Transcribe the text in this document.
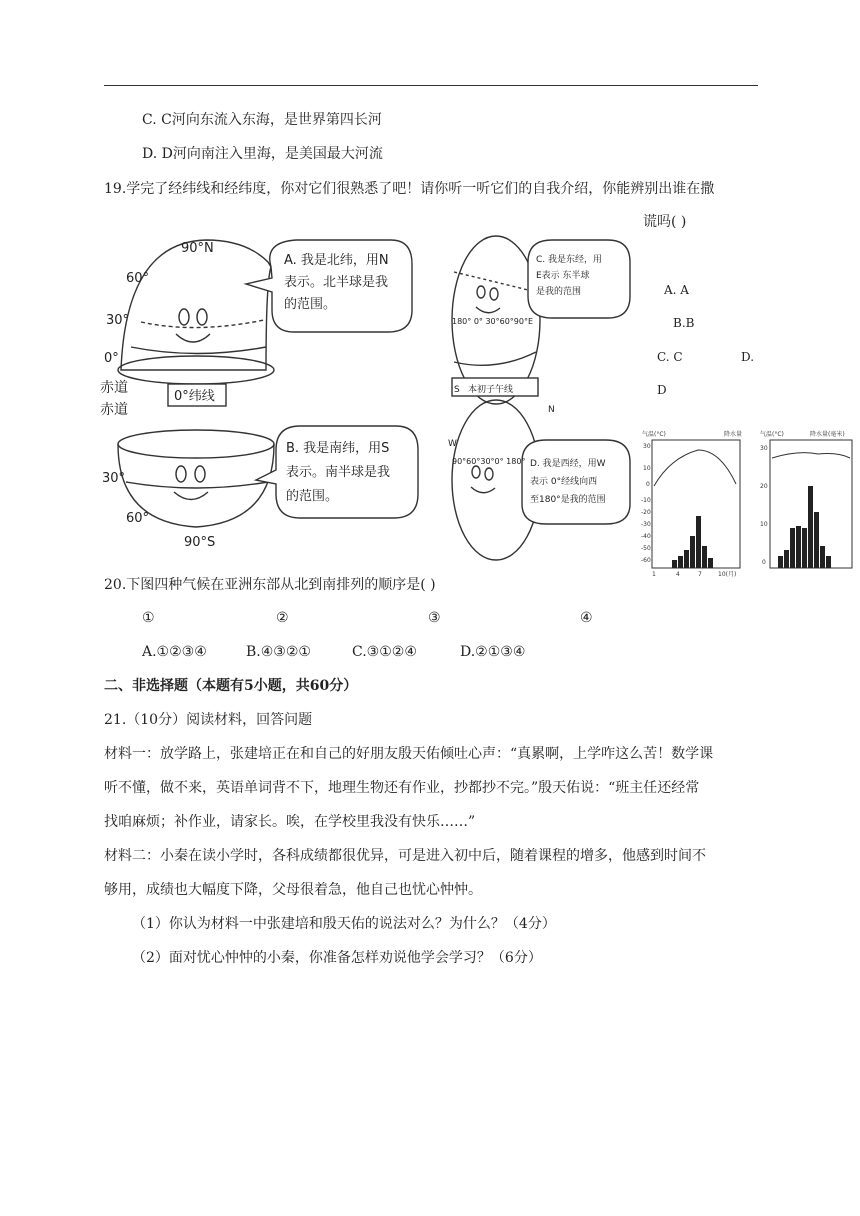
C. C河向东流入东海，是世界第四长河
D. D河向南注入里海，是美国最大河流
19.学完了经纬线和经纬度，你对它们很熟悉了吧！请你听一听它们的自我介绍，你能辨别出谁在撒
谎吗( )
A. A
B.B
C. C	D.
D
90°N
60°
30°
0°
赤道
赤道
0°纬线
A. 我是北纬，用N
表示。北半球是我
的范围。
30°
60°
90°S
B. 我是南纬，用S
表示。南半球是我
的范围。
C. 我是东经，用
E表示 东半球
是我的范围
180° 0° 30°60°90°E
S 本初子午线
N
W
90°60°30°0° 180° D. 我是西经，用W
表示 0°经线向西
至180°是我的范围
气温(°C)	降水量
30
10
0
-10
-20
-30
-40
-50
-60
1	4	7	10(月)
气温(°C)	降水量(毫米)
30
20
10
0
20.下图四种气候在亚洲东部从北到南排列的顺序是( )
①	②	③	④
A.①②③④	B.④③②①	C.③①②④	D.②①③④
二、非选择题（本题有5小题，共60分）
21.（10分）阅读材料，回答问题
材料一：放学路上，张建培正在和自己的好朋友殷天佑倾吐心声：“真累啊，上学咋这么苦！数学课
听不懂，做不来，英语单词背不下，地理生物还有作业，抄都抄不完。”殷天佑说：“班主任还经常
找咱麻烦；补作业，请家长。唉，在学校里我没有快乐……”
材料二：小秦在读小学时，各科成绩都很优异，可是进入初中后，随着课程的增多，他感到时间不
够用，成绩也大幅度下降，父母很着急，他自己也忧心忡忡。
（1）你认为材料一中张建培和殷天佑的说法对么？为什么？（4分）
（2）面对忧心忡忡的小秦，你准备怎样劝说他学会学习？（6分）
